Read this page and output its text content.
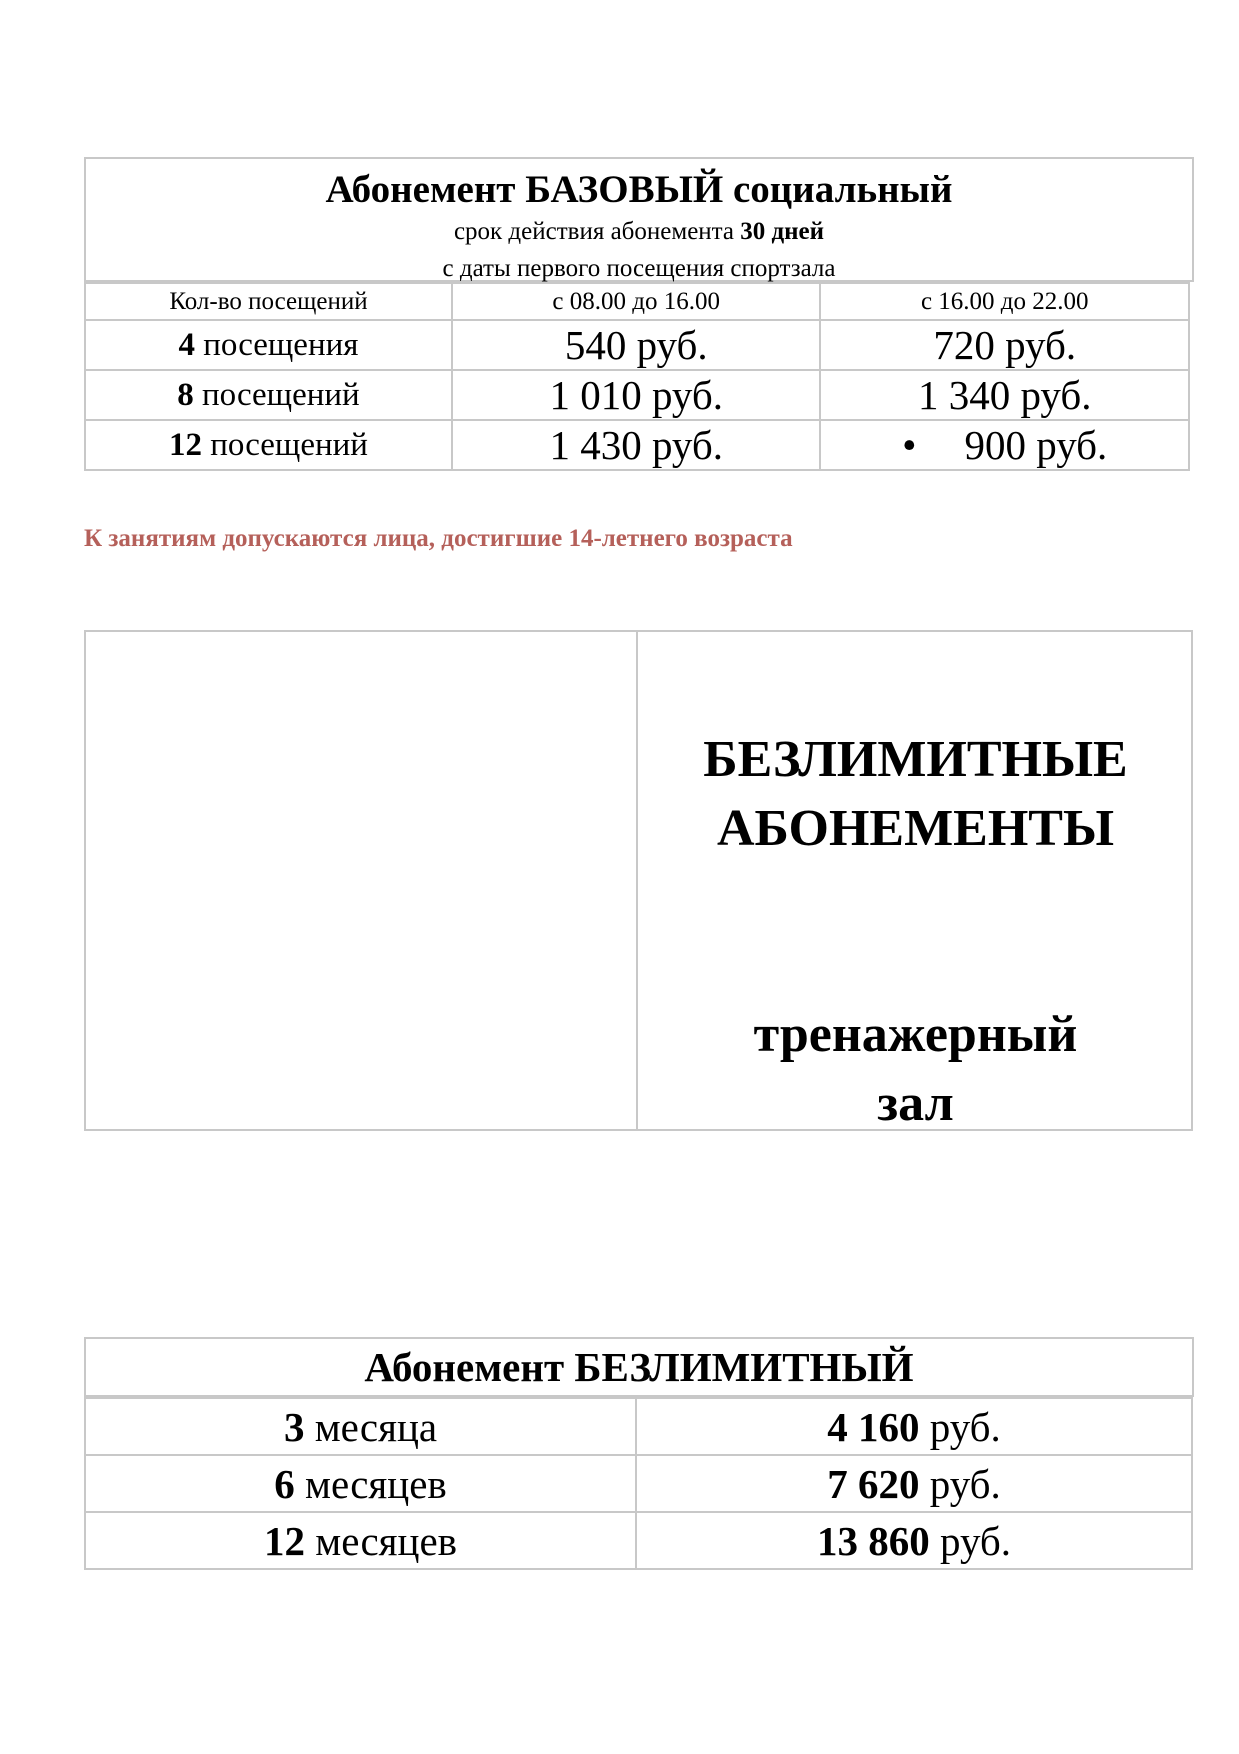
Абонемент БАЗОВЫЙ социальный
срок действия абонемента 30 дней
с даты первого посещения спортзала
Кол-во посещений	с 08.00 до 16.00	с 16.00 до 22.00
4 посещения	540 руб.	720 руб.
8 посещений	1 010 руб.	1 340 руб.
12 посещений	1 430 руб.	• 900 руб.
К занятиям допускаются лица, достигшие 14-летнего возраста
БЕЗЛИМИТНЫЕ
АБОНЕМЕНТЫ
тренажерный
зал
Абонемент БЕЗЛИМИТНЫЙ
3 месяца	4 160 руб.
6 месяцев	7 620 руб.
12 месяцев	13 860 руб.
